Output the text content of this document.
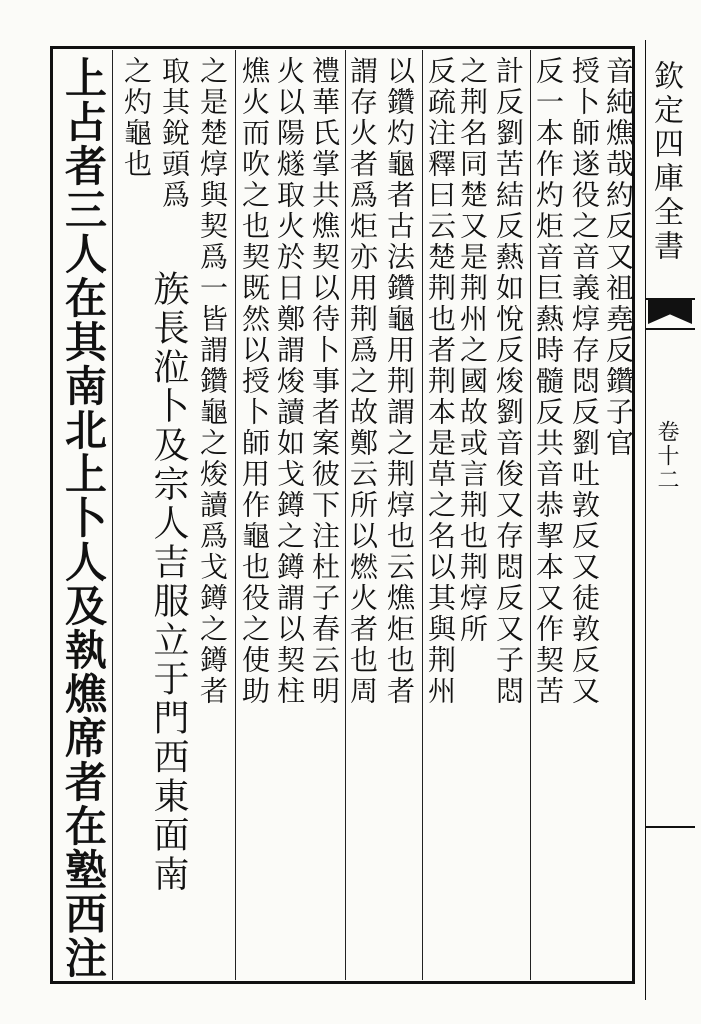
欽定四庫全書
卷十二
上占者三人在其南北上卜人及執燋席者在塾西注 之灼龜也 取其銳頭爲 之是楚焞與契爲一皆謂鑽龜之焌讀爲戈鐏之鐏者 燋火而吹之也契既然以授卜師用作龜也役之使助 火以陽燧取火於日鄭謂焌讀如戈鐏之鐏謂以契柱 禮華氏掌共燋契以待卜事者案彼下注杜子春云明 謂存火者爲炬亦用荆爲之故鄭云所以燃火者也周 以鑽灼龜者古法鑽龜用荆謂之荆焞也云燋炬也者 反疏注釋曰云楚荆也者荆本是草之名以其與荆州 之荆名同楚又是荆州之國故或言荆也荆焞所 計反劉苦結反爇如悅反焌劉音俊又存悶反又子悶 反一本作灼炬音巨爇時髓反共音恭挈本又作契苦 授卜師遂役之音義焞存悶反劉吐敦反又徒敦反又 音純燋哉約反又祖堯反鑽子官
族長涖卜及宗人吉服立于門西東面南
